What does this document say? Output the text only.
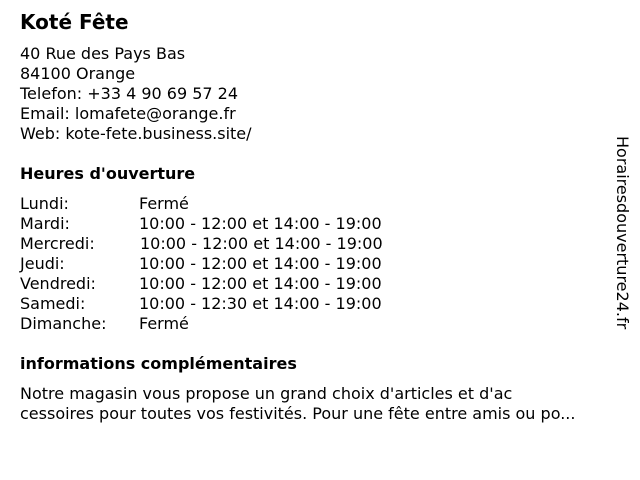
Koté Fête
40 Rue des Pays Bas
84100 Orange
Telefon: +33 4 90 69 57 24
Email: lomafete@orange.fr
Web: kote-fete.business.site/
Heures d'ouverture
Lundi:	Fermé
Mardi:	10:00 - 12:00 et 14:00 - 19:00
Mercredi:	10:00 - 12:00 et 14:00 - 19:00
Jeudi:	10:00 - 12:00 et 14:00 - 19:00
Vendredi:	10:00 - 12:00 et 14:00 - 19:00
Samedi:	10:00 - 12:30 et 14:00 - 19:00
Dimanche: Fermé
informations complémentaires
Notre magasin vous propose un grand choix d'articles et d'ac
cessoires pour toutes vos festivités. Pour une fête entre amis ou po...
Horairesdouverture24.fr
